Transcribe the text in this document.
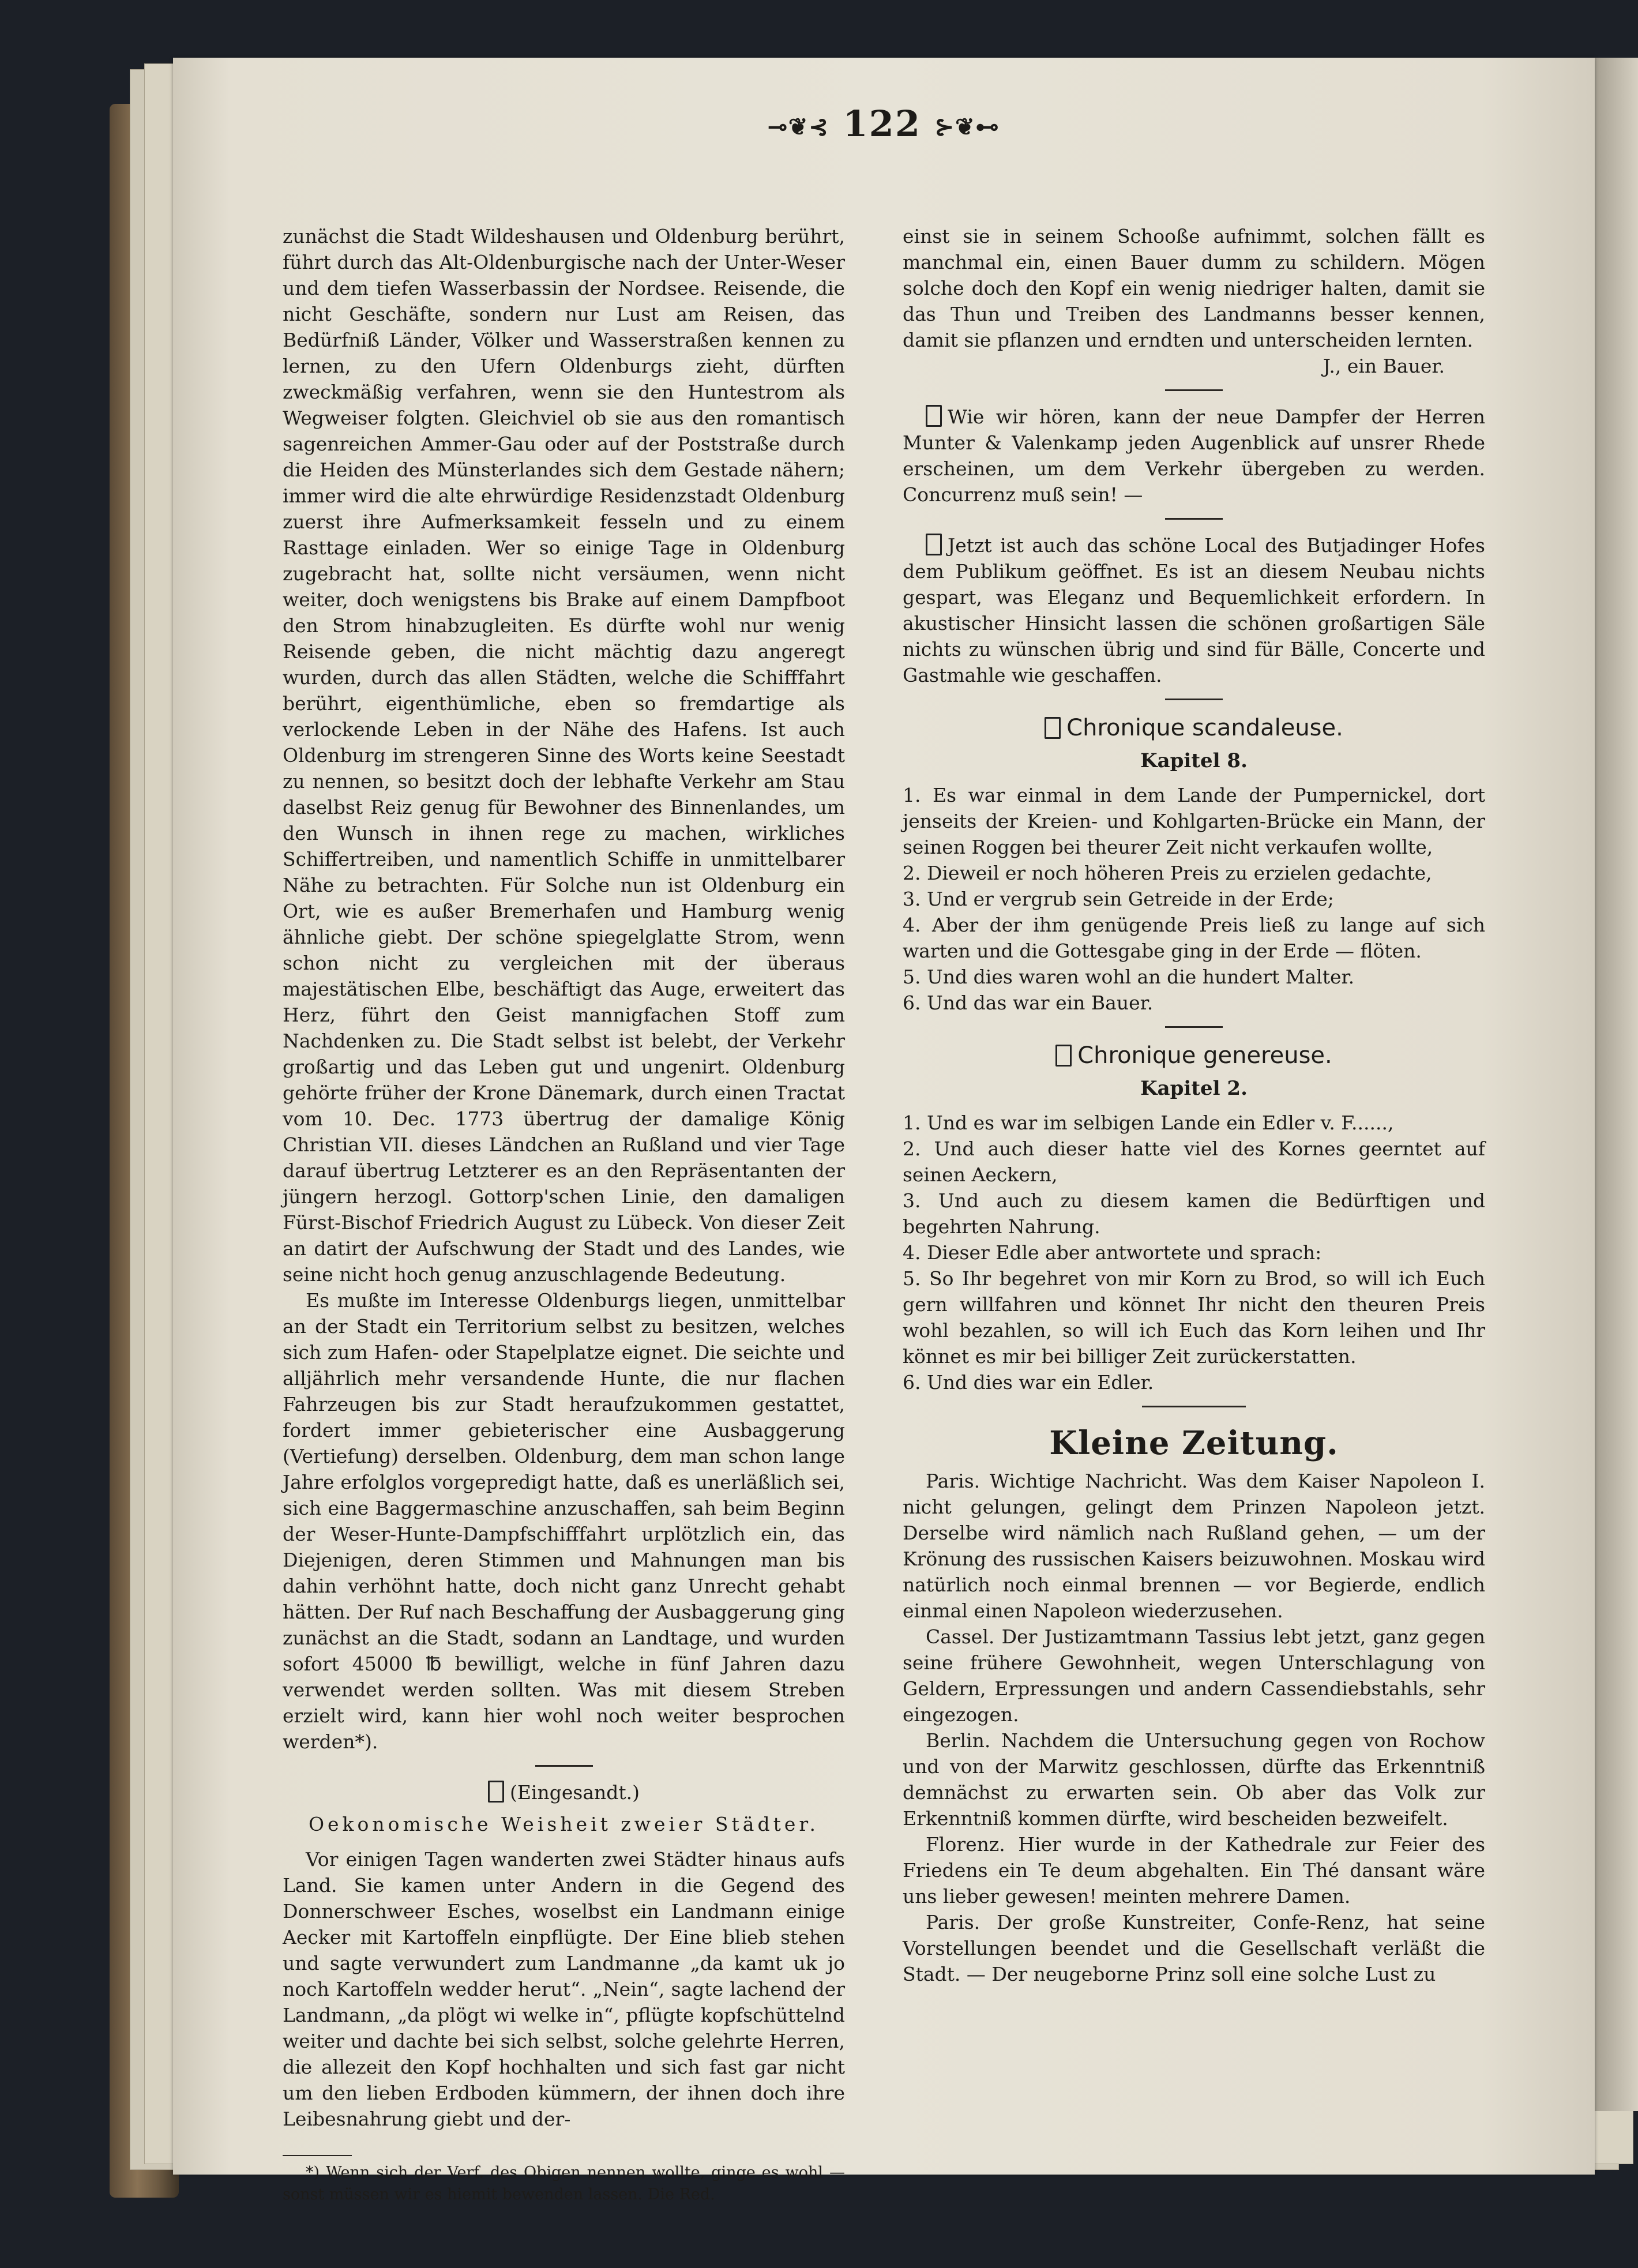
⊸❦⊰ 122 ⊱❦⊷

zunächst die Stadt Wildeshausen und Oldenburg berührt, führt durch das Alt-Oldenburgische nach der Unter-Weser und dem tiefen Wasserbassin der Nordsee. Reisende, die nicht Geschäfte, sondern nur Lust am Reisen, das Bedürfniß Länder, Völker und Wasserstraßen kennen zu lernen, zu den Ufern Oldenburgs zieht, dürften zweckmäßig verfahren, wenn sie den Huntestrom als Wegweiser folgten. Gleichviel ob sie aus den romantisch sagenreichen Ammer-Gau oder auf der Poststraße durch die Heiden des Münsterlandes sich dem Gestade nähern; immer wird die alte ehrwürdige Residenzstadt Oldenburg zuerst ihre Aufmerksamkeit fesseln und zu einem Rasttage einladen. Wer so einige Tage in Oldenburg zugebracht hat, sollte nicht versäumen, wenn nicht weiter, doch wenigstens bis Brake auf einem Dampfboot den Strom hinabzugleiten. Es dürfte wohl nur wenig Reisende geben, die nicht mächtig dazu angeregt wurden, durch das allen Städten, welche die Schifffahrt berührt, eigenthümliche, eben so fremdartige als verlockende Leben in der Nähe des Hafens. Ist auch Oldenburg im strengeren Sinne des Worts keine Seestadt zu nennen, so besitzt doch der lebhafte Verkehr am Stau daselbst Reiz genug für Bewohner des Binnenlandes, um den Wunsch in ihnen rege zu machen, wirkliches Schiffertreiben, und namentlich Schiffe in unmittelbarer Nähe zu betrachten. Für Solche nun ist Oldenburg ein Ort, wie es außer Bremerhafen und Hamburg wenig ähnliche giebt. Der schöne spiegelglatte Strom, wenn schon nicht zu vergleichen mit der überaus majestätischen Elbe, beschäftigt das Auge, erweitert das Herz, führt den Geist mannigfachen Stoff zum Nachdenken zu. Die Stadt selbst ist belebt, der Verkehr großartig und das Leben gut und ungenirt. Oldenburg gehörte früher der Krone Dänemark, durch einen Tractat vom 10. Dec. 1773 übertrug der damalige König Christian VII. dieses Ländchen an Rußland und vier Tage darauf übertrug Letzterer es an den Repräsentanten der jüngern herzogl. Gottorp'schen Linie, den damaligen Fürst-Bischof Friedrich August zu Lübeck. Von dieser Zeit an datirt der Aufschwung der Stadt und des Landes, wie seine nicht hoch genug anzuschlagende Bedeutung.

Es mußte im Interesse Oldenburgs liegen, unmittelbar an der Stadt ein Territorium selbst zu besitzen, welches sich zum Hafen- oder Stapelplatze eignet. Die seichte und alljährlich mehr versandende Hunte, die nur flachen Fahrzeugen bis zur Stadt heraufzukommen gestattet, fordert immer gebieterischer eine Ausbaggerung (Vertiefung) derselben. Oldenburg, dem man schon lange Jahre erfolglos vorgepredigt hatte, daß es unerläßlich sei, sich eine Baggermaschine anzuschaffen, sah beim Beginn der Weser-Hunte-Dampfschifffahrt urplötzlich ein, das Diejenigen, deren Stimmen und Mahnungen man bis dahin verhöhnt hatte, doch nicht ganz Unrecht gehabt hätten. Der Ruf nach Beschaffung der Ausbaggerung ging zunächst an die Stadt, sodann an Landtage, und wurden sofort 45000 ℔ bewilligt, welche in fünf Jahren dazu verwendet werden sollten. Was mit diesem Streben erzielt wird, kann hier wohl noch weiter besprochen werden*).

(Eingesandt.)
Oekonomische Weisheit zweier Städter.

Vor einigen Tagen wanderten zwei Städter hinaus aufs Land. Sie kamen unter Andern in die Gegend des Donnerschweer Esches, woselbst ein Landmann einige Aecker mit Kartoffeln einpflügte. Der Eine blieb stehen und sagte verwundert zum Landmanne „da kamt uk jo noch Kartoffeln wedder herut“. „Nein“, sagte lachend der Landmann, „da plögt wi welke in“, pflügte kopfschüttelnd weiter und dachte bei sich selbst, solche gelehrte Herren, die allezeit den Kopf hochhalten und sich fast gar nicht um den lieben Erdboden kümmern, der ihnen doch ihre Leibesnahrung giebt und der-

*) Wenn sich der Verf. des Obigen nennen wollte, ginge es wohl — sonst müssen wir es hiemit bewenden lassen. Die Red.

einst sie in seinem Schooße aufnimmt, solchen fällt es manchmal ein, einen Bauer dumm zu schildern. Mögen solche doch den Kopf ein wenig niedriger halten, damit sie das Thun und Treiben des Landmanns besser kennen, damit sie pflanzen und erndten und unterscheiden lernten.

J., ein Bauer.

Wie wir hören, kann der neue Dampfer der Herren Munter & Valenkamp jeden Augenblick auf unsrer Rhede erscheinen, um dem Verkehr übergeben zu werden. Concurrenz muß sein! —

Jetzt ist auch das schöne Local des Butjadinger Hofes dem Publikum geöffnet. Es ist an diesem Neubau nichts gespart, was Eleganz und Bequemlichkeit erfordern. In akustischer Hinsicht lassen die schönen großartigen Säle nichts zu wünschen übrig und sind für Bälle, Concerte und Gastmahle wie geschaffen.

Chronique scandaleuse.
Kapitel 8.

1. Es war einmal in dem Lande der Pumpernickel, dort jenseits der Kreien- und Kohlgarten-Brücke ein Mann, der seinen Roggen bei theurer Zeit nicht verkaufen wollte,

2. Dieweil er noch höheren Preis zu erzielen gedachte,

3. Und er vergrub sein Getreide in der Erde;

4. Aber der ihm genügende Preis ließ zu lange auf sich warten und die Gottesgabe ging in der Erde — flöten.

5. Und dies waren wohl an die hundert Malter.

6. Und das war ein Bauer.

Chronique genereuse.
Kapitel 2.

1. Und es war im selbigen Lande ein Edler v. F......,

2. Und auch dieser hatte viel des Kornes geerntet auf seinen Aeckern,

3. Und auch zu diesem kamen die Bedürftigen und begehrten Nahrung.

4. Dieser Edle aber antwortete und sprach:

5. So Ihr begehret von mir Korn zu Brod, so will ich Euch gern willfahren und könnet Ihr nicht den theuren Preis wohl bezahlen, so will ich Euch das Korn leihen und Ihr könnet es mir bei billiger Zeit zurückerstatten.

6. Und dies war ein Edler.

Kleine Zeitung.

Paris. Wichtige Nachricht. Was dem Kaiser Napoleon I. nicht gelungen, gelingt dem Prinzen Napoleon jetzt. Derselbe wird nämlich nach Rußland gehen, — um der Krönung des russischen Kaisers beizuwohnen. Moskau wird natürlich noch einmal brennen — vor Begierde, endlich einmal einen Napoleon wiederzusehen.

Cassel. Der Justizamtmann Tassius lebt jetzt, ganz gegen seine frühere Gewohnheit, wegen Unterschlagung von Geldern, Erpressungen und andern Cassendiebstahls, sehr eingezogen.

Berlin. Nachdem die Untersuchung gegen von Rochow und von der Marwitz geschlossen, dürfte das Erkenntniß demnächst zu erwarten sein. Ob aber das Volk zur Erkenntniß kommen dürfte, wird bescheiden bezweifelt.

Florenz. Hier wurde in der Kathedrale zur Feier des Friedens ein Te deum abgehalten. Ein Thé dansant wäre uns lieber gewesen! meinten mehrere Damen.

Paris. Der große Kunstreiter, Confe-Renz, hat seine Vorstellungen beendet und die Gesellschaft verläßt die Stadt. — Der neugeborne Prinz soll eine solche Lust zu
